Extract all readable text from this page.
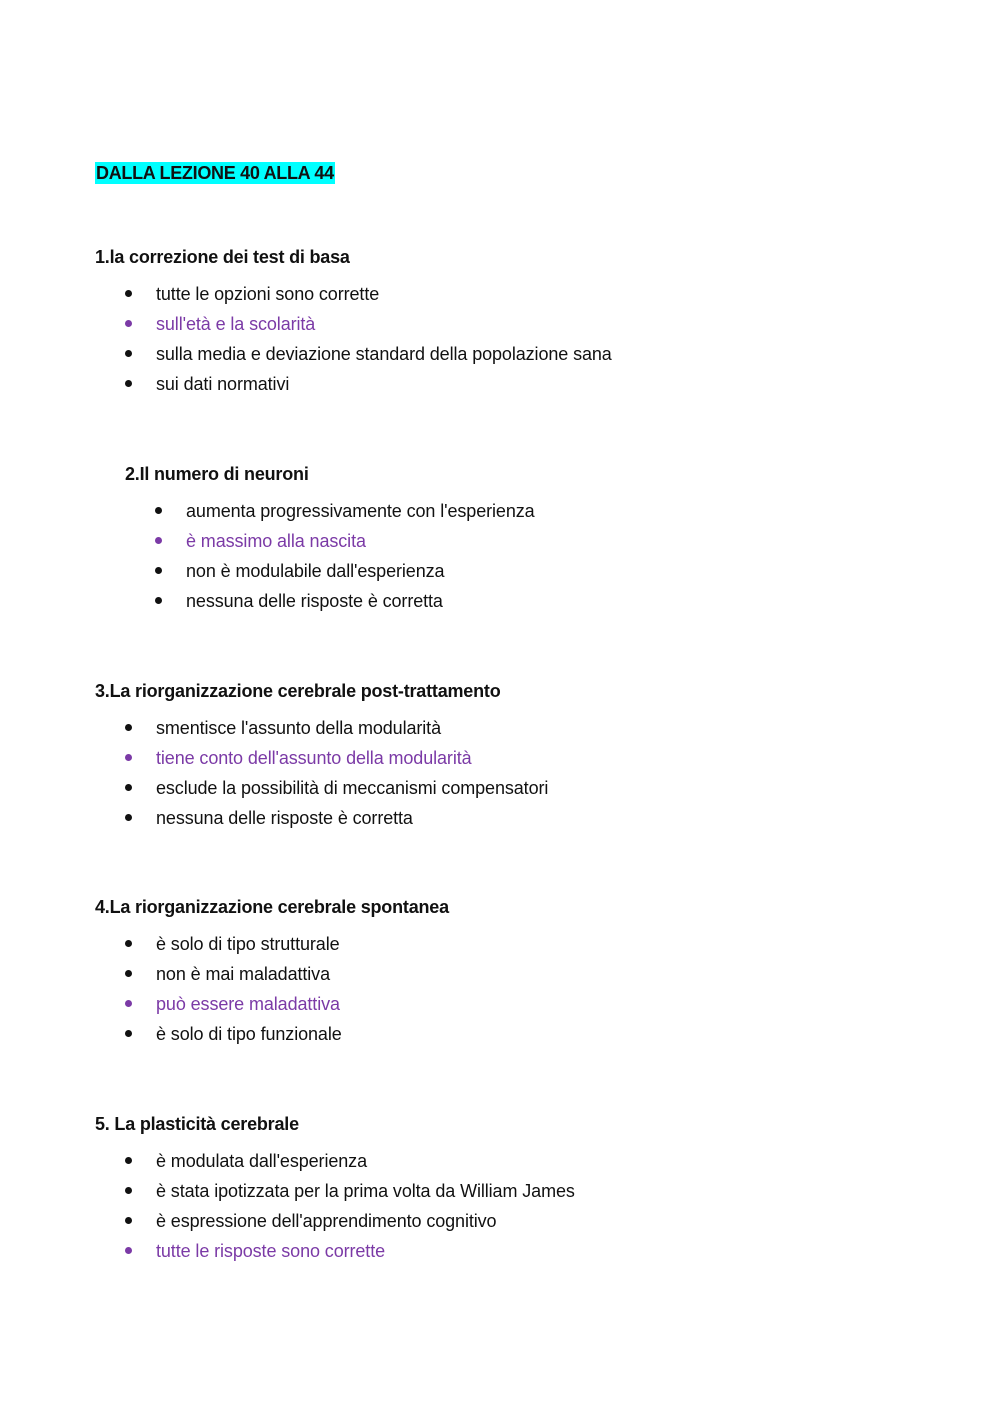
DALLA LEZIONE 40 ALLA 44

1.la correzione dei test di basa

tutte le opzioni sono corrette
sull'età e la scolarità
sulla media e deviazione standard della popolazione sana
sui dati normativi

2.Il numero di neuroni

aumenta progressivamente con l'esperienza
è massimo alla nascita
non è modulabile dall'esperienza
nessuna delle risposte è corretta

3.La riorganizzazione cerebrale post-trattamento

smentisce l'assunto della modularità
tiene conto dell'assunto della modularità
esclude la possibilità di meccanismi compensatori
nessuna delle risposte è corretta

4.La riorganizzazione cerebrale spontanea

è solo di tipo strutturale
non è mai maladattiva
può essere maladattiva
è solo di tipo funzionale

5. La plasticità cerebrale

è modulata dall'esperienza
è stata ipotizzata per la prima volta da William James
è espressione dell'apprendimento cognitivo
tutte le risposte sono corrette
